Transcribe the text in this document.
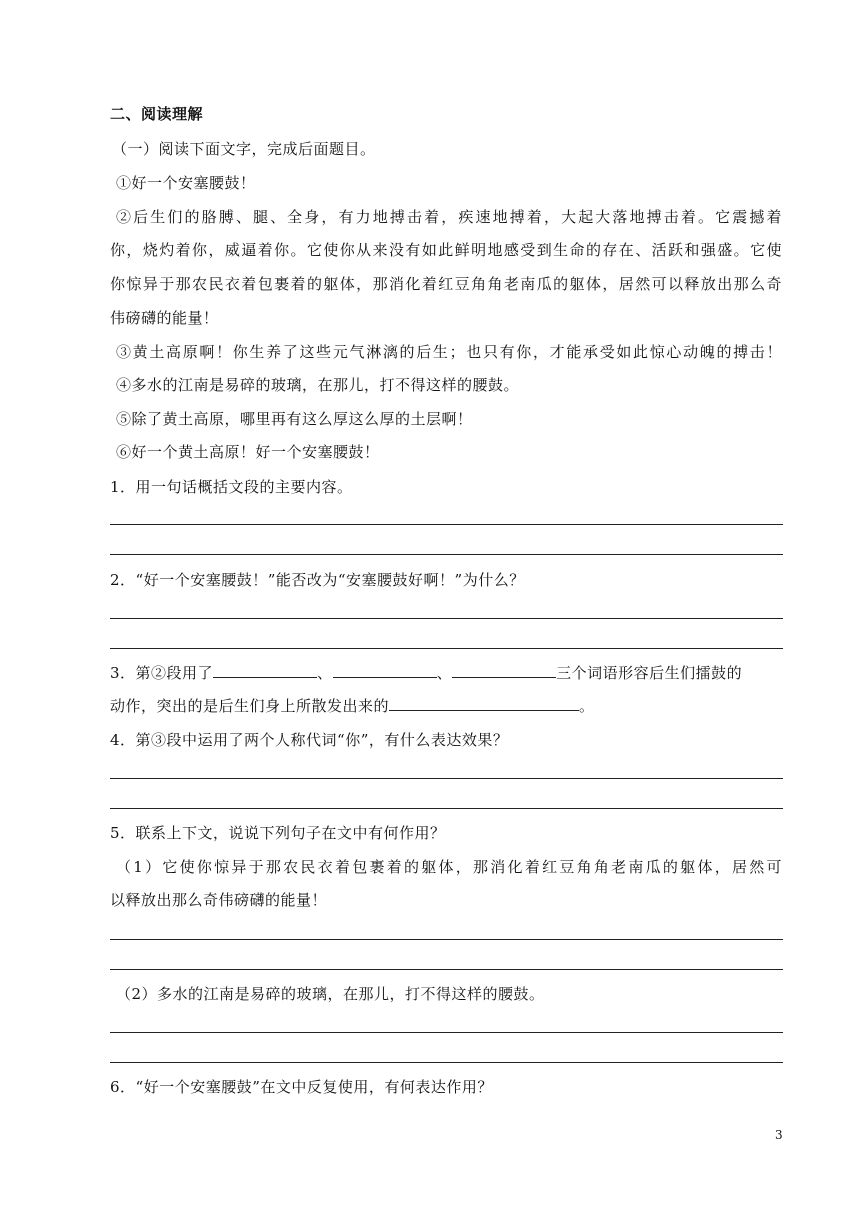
二、阅读理解
（一）阅读下面文字，完成后面题目。
①好一个安塞腰鼓！
②后生们的胳膊、腿、全身，有力地搏击着，疾速地搏着，大起大落地搏击着。它震撼着
你，烧灼着你，威逼着你。它使你从来没有如此鲜明地感受到生命的存在、活跃和强盛。它使
你惊异于那农民衣着包裹着的躯体，那消化着红豆角角老南瓜的躯体，居然可以释放出那么奇
伟磅礴的能量！
③黄土高原啊！你生养了这些元气淋漓的后生；也只有你，才能承受如此惊心动魄的搏击！
④多水的江南是易碎的玻璃，在那儿，打不得这样的腰鼓。
⑤除了黄土高原，哪里再有这么厚这么厚的土层啊！
⑥好一个黄土高原！好一个安塞腰鼓！
1．用一句话概括文段的主要内容。
2．“好一个安塞腰鼓！”能否改为“安塞腰鼓好啊！”为什么？
3．第②段用了	、	、	三个词语形容后生们擂鼓的
动作，突出的是后生们身上所散发出来的	。
4．第③段中运用了两个人称代词“你”，有什么表达效果？
5．联系上下文，说说下列句子在文中有何作用？
（1）它使你惊异于那农民衣着包裹着的躯体，那消化着红豆角角老南瓜的躯体，居然可
以释放出那么奇伟磅礴的能量！
（2）多水的江南是易碎的玻璃，在那儿，打不得这样的腰鼓。
6．“好一个安塞腰鼓”在文中反复使用，有何表达作用？
3
